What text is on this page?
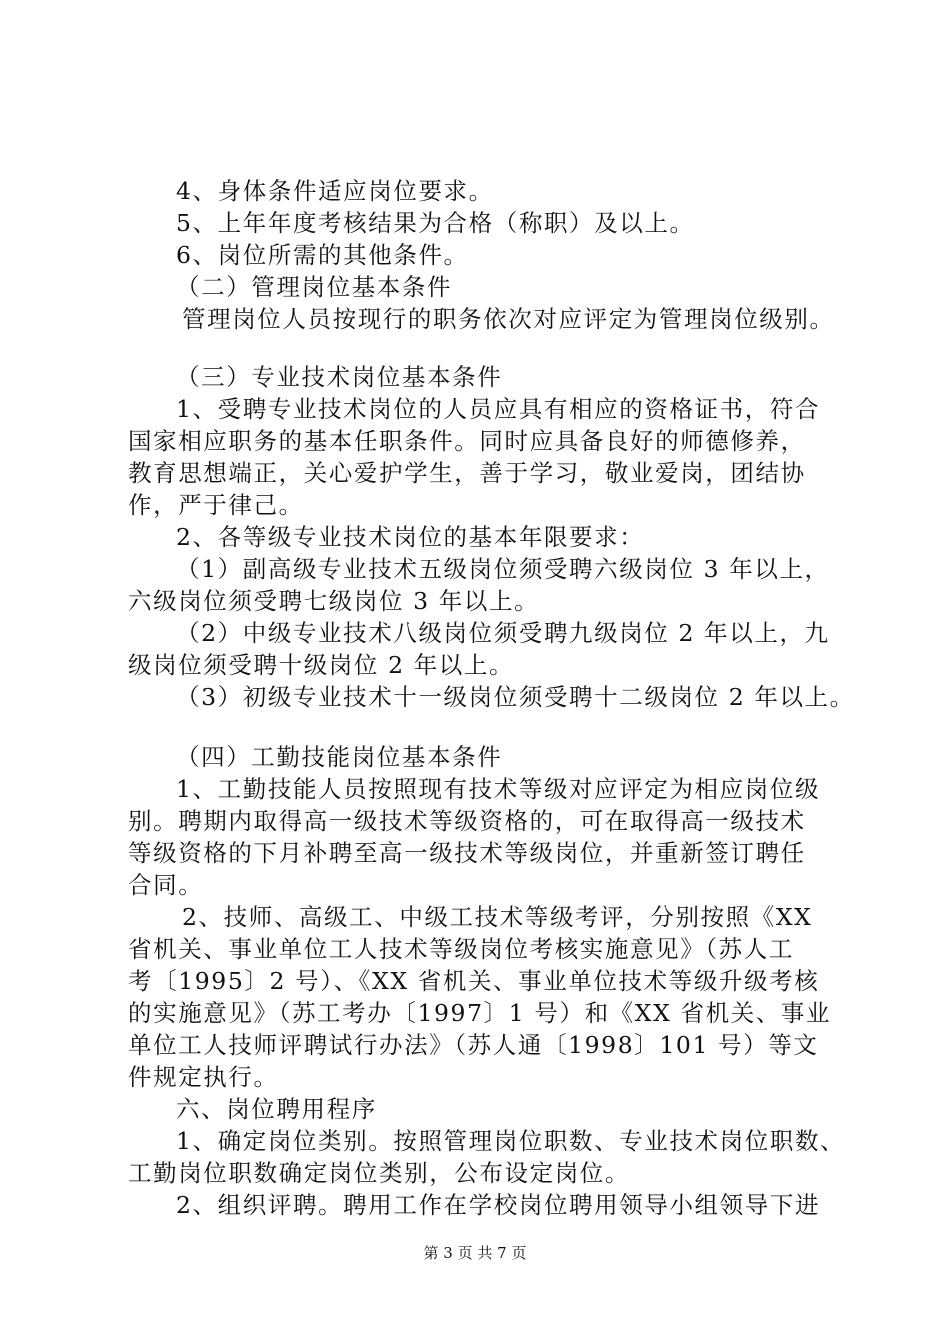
4、身体条件适应岗位要求。
5、上年年度考核结果为合格（称职）及以上。
6、岗位所需的其他条件。
（二）管理岗位基本条件
管理岗位人员按现行的职务依次对应评定为管理岗位级别。
（三）专业技术岗位基本条件
1、受聘专业技术岗位的人员应具有相应的资格证书，符合
国家相应职务的基本任职条件。同时应具备良好的师德修养，
教育思想端正，关心爱护学生，善于学习，敬业爱岗，团结协
作，严于律己。
2、各等级专业技术岗位的基本年限要求：
（1）副高级专业技术五级岗位须受聘六级岗位 3 年以上，
六级岗位须受聘七级岗位 3 年以上。
（2）中级专业技术八级岗位须受聘九级岗位 2 年以上，九
级岗位须受聘十级岗位 2 年以上。
（3）初级专业技术十一级岗位须受聘十二级岗位 2 年以上。
（四）工勤技能岗位基本条件
1、工勤技能人员按照现有技术等级对应评定为相应岗位级
别。聘期内取得高一级技术等级资格的，可在取得高一级技术
等级资格的下月补聘至高一级技术等级岗位，并重新签订聘任
合同。
2、技师、高级工、中级工技术等级考评，分别按照《XX
省机关、事业单位工人技术等级岗位考核实施意见》（苏人工
考〔1995〕2 号）、《XX 省机关、事业单位技术等级升级考核
的实施意见》（苏工考办〔1997〕1 号）和《XX 省机关、事业
单位工人技师评聘试行办法》（苏人通〔1998〕101 号）等文
件规定执行。
六、岗位聘用程序
1、确定岗位类别。按照管理岗位职数、专业技术岗位职数、
工勤岗位职数确定岗位类别，公布设定岗位。
2、组织评聘。聘用工作在学校岗位聘用领导小组领导下进
第 3 页 共 7 页
